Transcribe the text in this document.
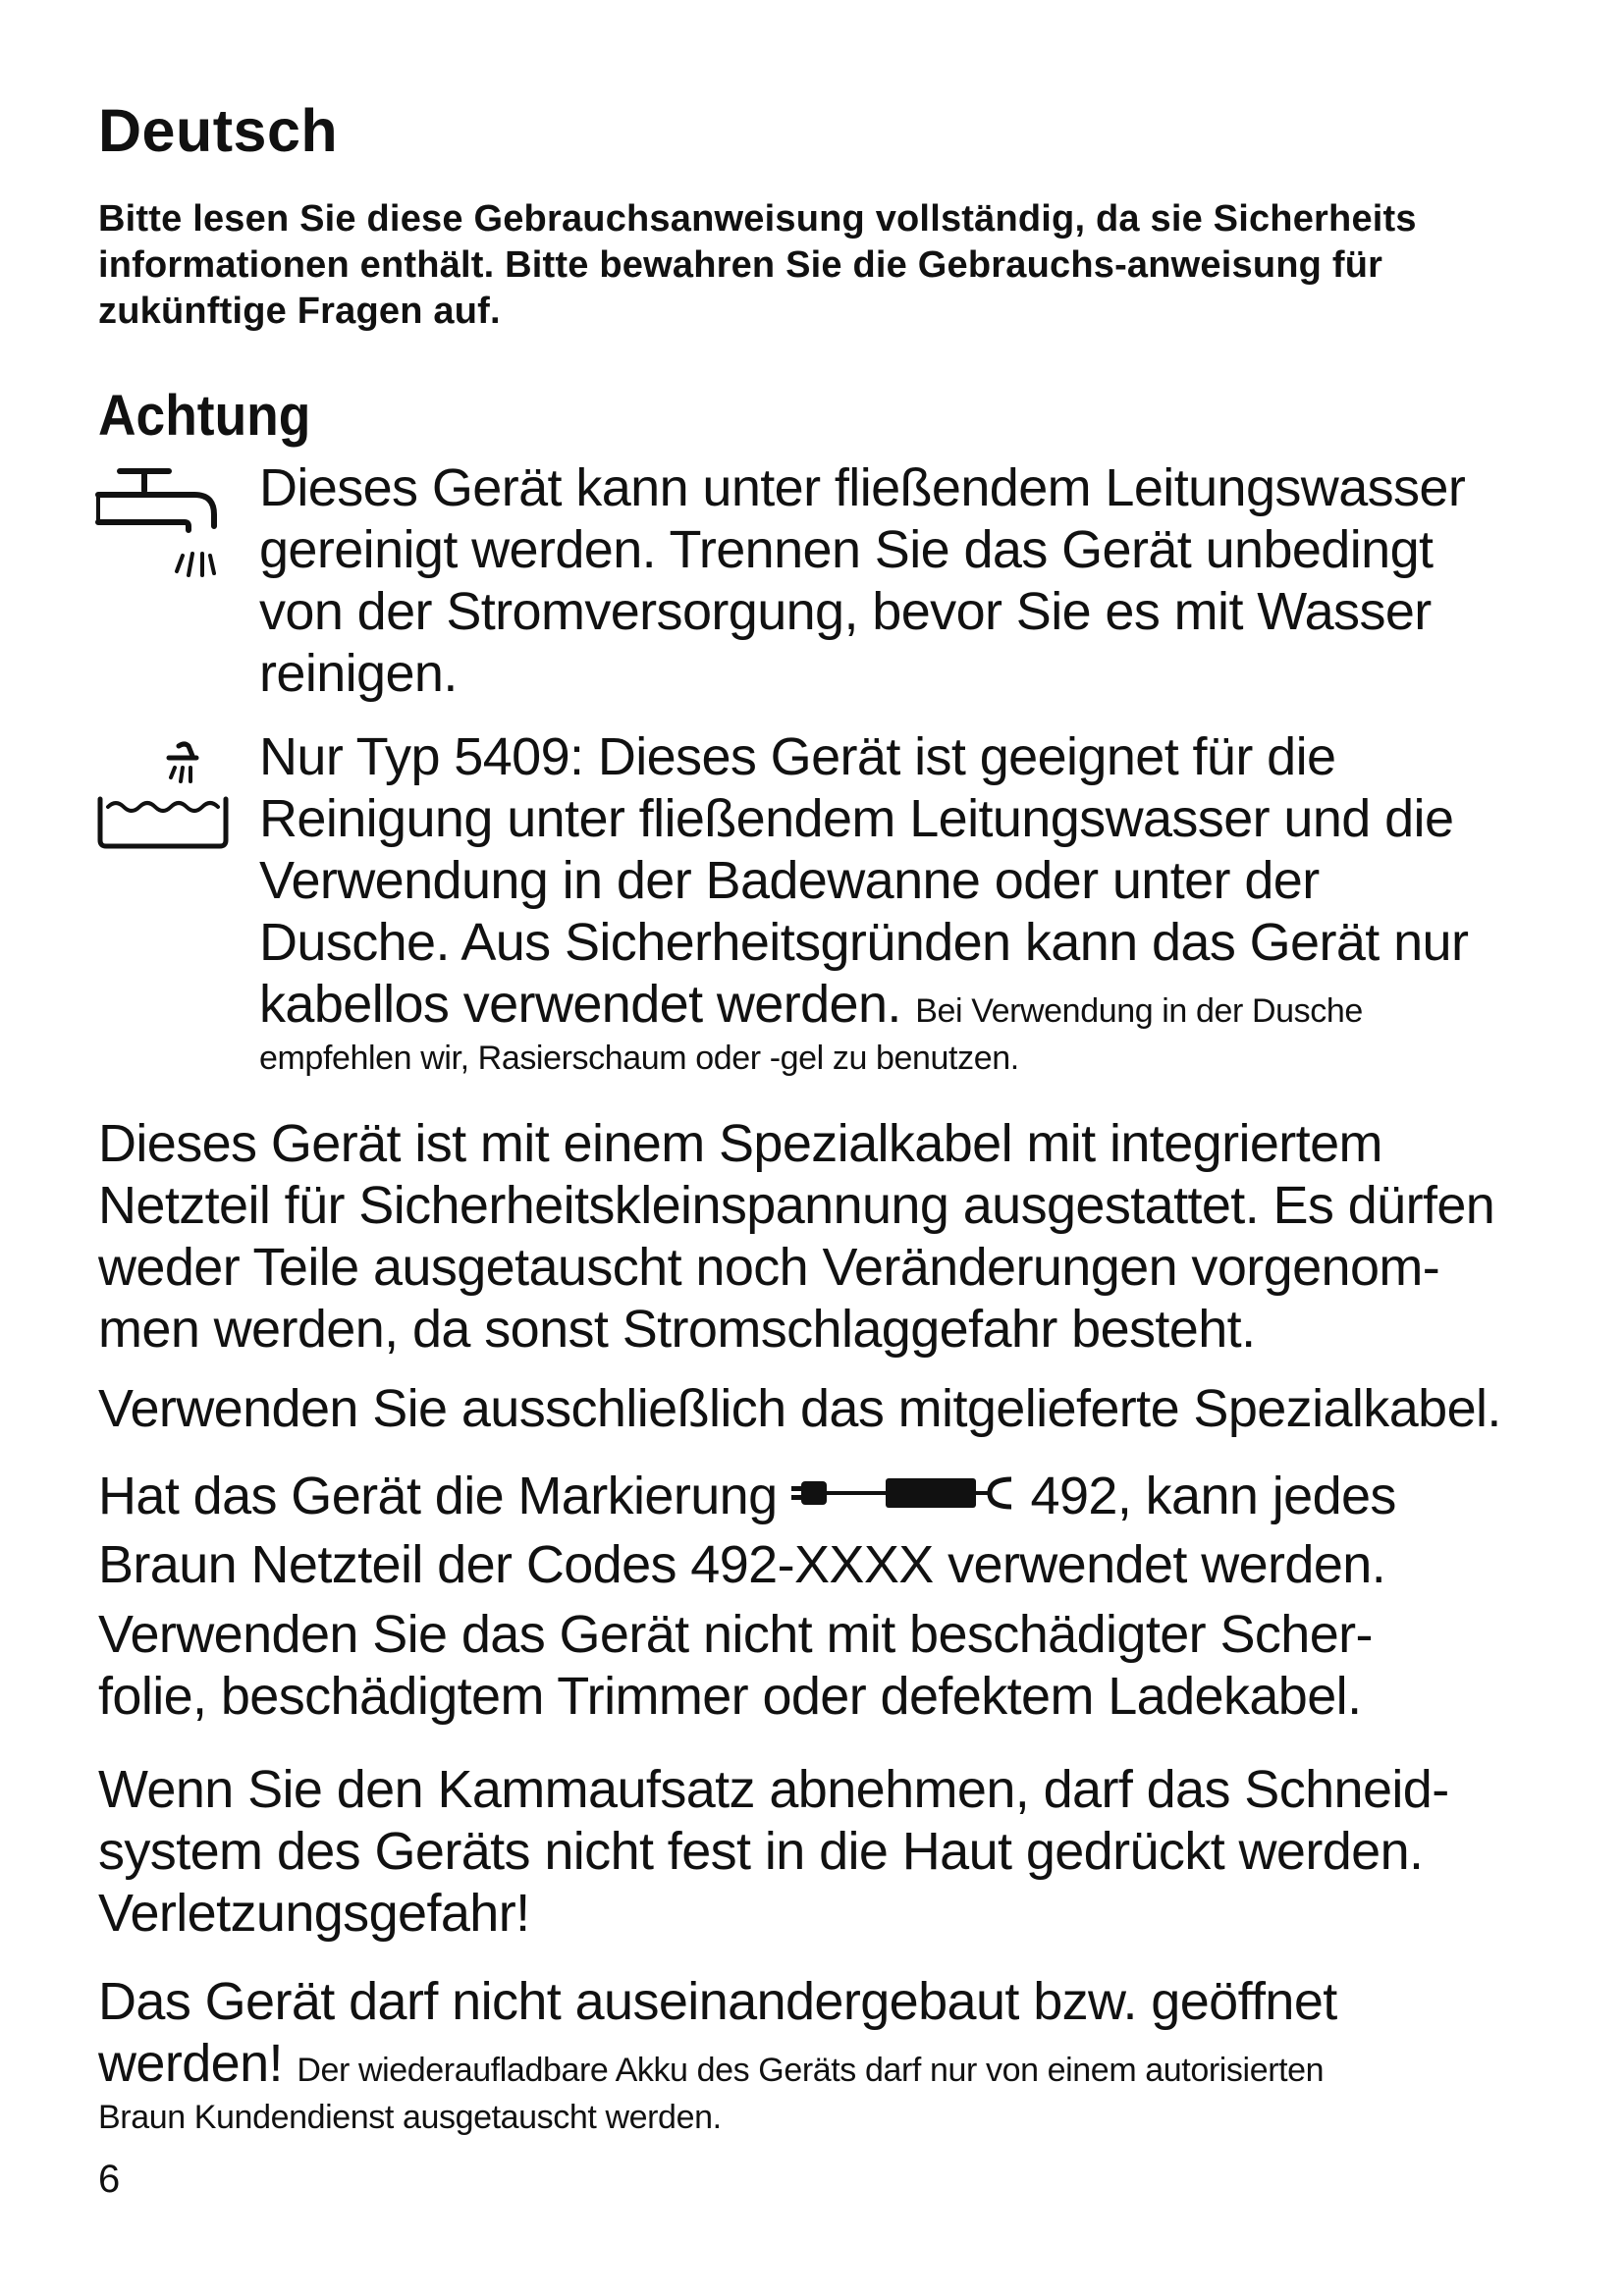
Deutsch

Bitte lesen Sie diese Gebrauchsanweisung vollständig, da sie Sicherheits informationen enthält. Bitte bewahren Sie die Gebrauchs-anweisung für zukünftige Fragen auf.

Achtung
Dieses Gerät kann unter fließendem Leitungswasser
gereinigt werden. Trennen Sie das Gerät unbedingt
von der Stromversorgung, bevor Sie es mit Wasser
reinigen.
Nur Typ 5409: Dieses Gerät ist geeignet für die
Reinigung unter fließendem Leitungswasser und die
Verwendung in der Badewanne oder unter der
Dusche. Aus Sicherheitsgründen kann das Gerät nur
kabellos verwendet werden. Bei Verwendung in der Dusche
empfehlen wir, Rasierschaum oder -gel zu benutzen.
Dieses Gerät ist mit einem Spezialkabel mit integriertem
Netzteil für Sicherheitskleinspannung ausgestattet. Es dürfen
weder Teile ausgetauscht noch Veränderungen vorgenom-
men werden, da sonst Stromschlaggefahr besteht.

Verwenden Sie ausschließlich das mitgelieferte Spezialkabel.

Hat das Gerät die Markierung	492, kann jedes
Braun Netzteil der Codes 492-XXXX verwendet werden.
Verwenden Sie das Gerät nicht mit beschädigter Scher-
folie, beschädigtem Trimmer oder defektem Ladekabel.
Wenn Sie den Kammaufsatz abnehmen, darf das Schneid-
system des Geräts nicht fest in die Haut gedrückt werden.
Verletzungsgefahr!
Das Gerät darf nicht auseinandergebaut bzw. geöffnet
werden! Der wiederaufladbare Akku des Geräts darf nur von einem autorisierten
Braun Kundendienst ausgetauscht werden.

6
